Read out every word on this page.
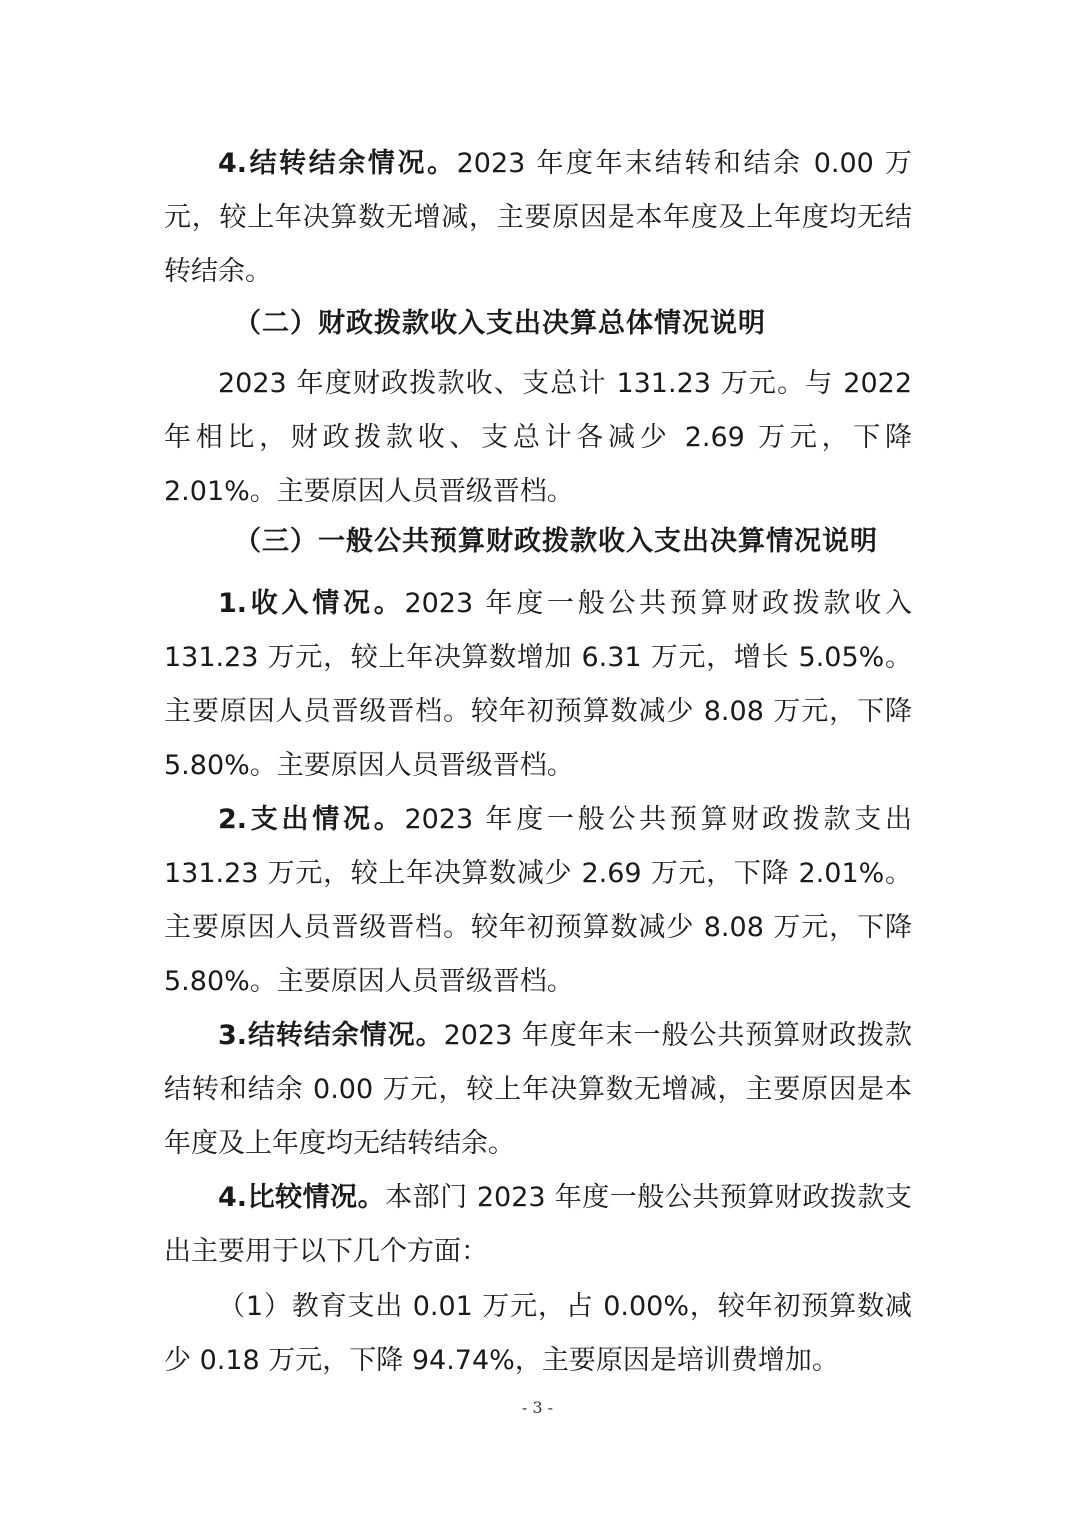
4.结转结余情况。2023 年度年末结转和结余 0.00 万元，较上年决算数无增减，主要原因是本年度及上年度均无结转结余。

（二）财政拨款收入支出决算总体情况说明

2023 年度财政拨款收、支总计 131.23 万元。与 2022 年相比，财政拨款收、支总计各减少 2.69 万元，下降 2.01%。主要原因人员晋级晋档。

（三）一般公共预算财政拨款收入支出决算情况说明

1.收入情况。2023 年度一般公共预算财政拨款收入 131.23 万元，较上年决算数增加 6.31 万元，增长 5.05%。主要原因人员晋级晋档。较年初预算数减少 8.08 万元，下降 5.80%。主要原因人员晋级晋档。

2.支出情况。2023 年度一般公共预算财政拨款支出 131.23 万元，较上年决算数减少 2.69 万元，下降 2.01%。主要原因人员晋级晋档。较年初预算数减少 8.08 万元，下降 5.80%。主要原因人员晋级晋档。

3.结转结余情况。2023 年度年末一般公共预算财政拨款结转和结余 0.00 万元，较上年决算数无增减，主要原因是本年度及上年度均无结转结余。

4.比较情况。本部门 2023 年度一般公共预算财政拨款支出主要用于以下几个方面：

（1）教育支出 0.01 万元，占 0.00%，较年初预算数减少 0.18 万元，下降 94.74%，主要原因是培训费增加。

- 3 -
